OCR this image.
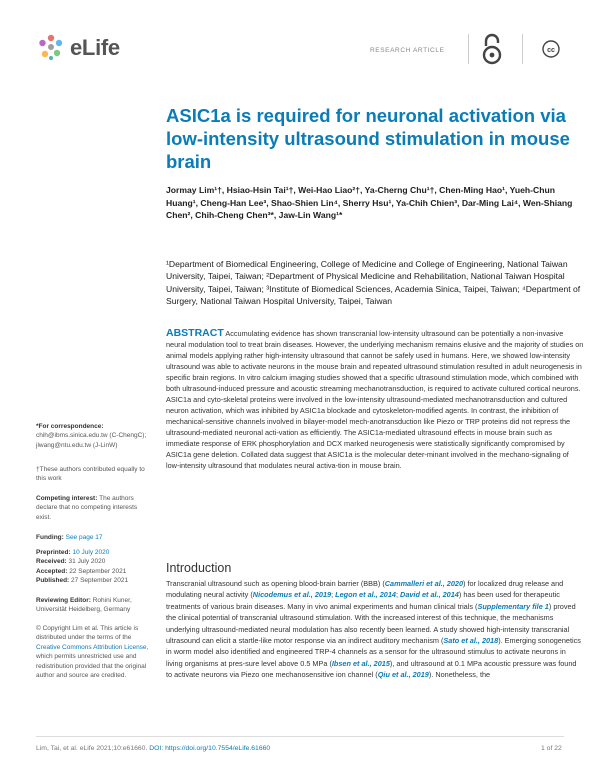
eLife	RESEARCH ARTICLE	cc
ASIC1a is required for neuronal activation via low-intensity ultrasound stimulation in mouse brain
Jormay Lim¹†, Hsiao-Hsin Tai¹†, Wei-Hao Liao²†, Ya-Cherng Chu¹†, Chen-Ming Hao¹, Yueh-Chun Huang¹, Cheng-Han Lee³, Shao-Shien Lin⁴, Sherry Hsu¹, Ya-Chih Chien³, Dar-Ming Lai⁴, Wen-Shiang Chen², Chih-Cheng Chen³*, Jaw-Lin Wang¹*
¹Department of Biomedical Engineering, College of Medicine and College of Engineering, National Taiwan University, Taipei, Taiwan; ²Department of Physical Medicine and Rehabilitation, National Taiwan Hospital University, Taipei, Taiwan; ³Institute of Biomedical Sciences, Academia Sinica, Taipei, Taiwan; ⁴Department of Surgery, National Taiwan Hospital University, Taipei, Taiwan
ABSTRACT Accumulating evidence has shown transcranial low-intensity ultrasound can be potentially a non-invasive neural modulation tool to treat brain diseases. However, the underlying mechanism remains elusive and the majority of studies on animal models applying rather high-intensity ultrasound that cannot be safely used in humans. Here, we showed low-intensity ultrasound was able to activate neurons in the mouse brain and repeated ultrasound stimulation resulted in adult neurogenesis in specific brain regions. In vitro calcium imaging studies showed that a specific ultrasound stimulation mode, which combined with both ultrasound-induced pressure and acoustic streaming mechanotransduction, is required to activate cultured cortical neurons. ASIC1a and cyto-skeletal proteins were involved in the low-intensity ultrasound-mediated mechanotransduction and cultured neuron activation, which was inhibited by ASIC1a blockade and cytoskeleton-modified agents. In contrast, the inhibition of mechanical-sensitive channels involved in bilayer-model mech-anotransduction like Piezo or TRP proteins did not repress the ultrasound-mediated neuronal acti-vation as efficiently. The ASIC1a-mediated ultrasound effects in mouse brain such as immediate response of ERK phosphorylation and DCX marked neurogenesis were statistically significantly compromised by ASIC1a gene deletion. Collated data suggest that ASIC1a is the molecular deter-minant involved in the mechano-signaling of low-intensity ultrasound that modulates neural activa-tion in mouse brain.
*For correspondence:
chih@ibms.sinica.edu.tw (C-ChengC); jlwang@ntu.edu.tw (J-LinW)
†These authors contributed equally to this work
Competing interest: The authors declare that no competing interests exist.
Funding: See page 17
Preprinted: 10 July 2020
Received: 31 July 2020
Accepted: 22 September 2021
Published: 27 September 2021
Reviewing Editor: Rohini Kuner, Universität Heidelberg, Germany
© Copyright Lim et al. This article is distributed under the terms of the Creative Commons Attribution License, which permits unrestricted use and redistribution provided that the original author and source are credited.
Introduction
Transcranial ultrasound such as opening blood-brain barrier (BBB) (Cammalleri et al., 2020) for localized drug release and modulating neural activity (Nicodemus et al., 2019; Legon et al., 2014; David et al., 2014) has been used for therapeutic treatments of various brain diseases. Many in vivo animal experiments and human clinical trials (Supplementary file 1) proved the clinical potential of transcranial ultrasound stimulation. With the increased interest of this technique, the mechanisms underlying ultrasound-mediated neural modulation has also recently been learned. A study showed high-intensity transcranial ultrasound can elicit a startle-like motor response via an indirect auditory mechanism (Sato et al., 2018). Emerging sonogenetics in worm model also identified and engineered TRP-4 channels as a sensor for the ultrasound stimulus to activate neurons in living organisms at pres-sure level above 0.5 MPa (Ibsen et al., 2015), and ultrasound at 0.1 MPa acoustic pressure was found to activate neurons via Piezo one mechanosensitive ion channel (Qiu et al., 2019). Nonetheless, the
Lim, Tai, et al. eLife 2021;10:e61660. DOI: https://doi.org/10.7554/eLife.61660	1 of 22
